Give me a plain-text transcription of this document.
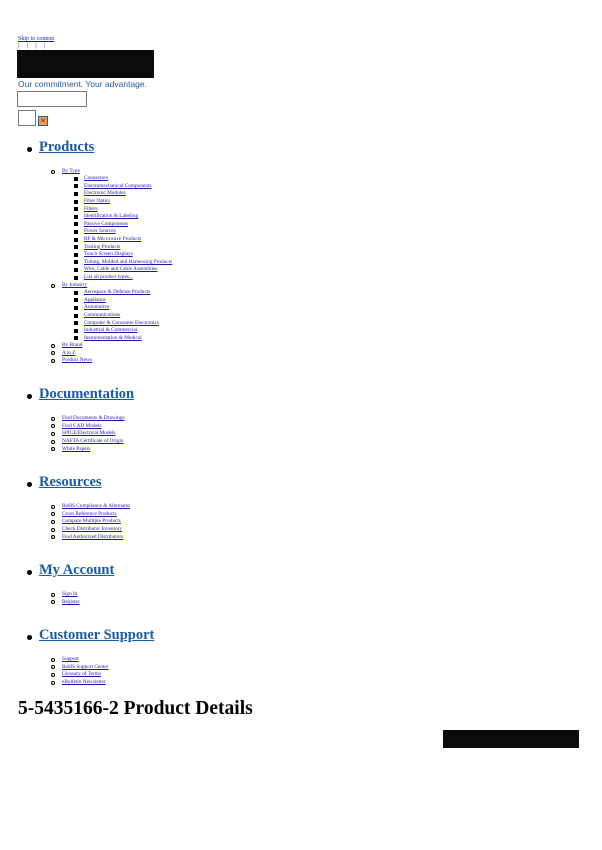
Skip to content
| | | |
Our commitment. Your advantage.
✕
Products
By Type
Connectors
Electromechanical Components
Electronic Modules
Fiber Optics
Filters
Identification & Labeling
Passive Components
Power Sources
RF & Microwave Products
Tooling Products
Touch Screen Displays
Tubing, Molded and Harnessing Products
Wire, Cable and Cable Assemblies
List all product types...
By Industry
Aerospace & Defense Products
Appliance
Automotive
Communications
Computer & Consumer Electronics
Industrial & Commercial
Instrumentation & Medical
By Brand
A to Z
Product News
Documentation
Find Documents & Drawings
Find CAD Models
SPICE/Electrical Models
NAFTA Certificate of Origin
White Papers
Resources
RoHS Compliance & Alternates
Cross Reference Products
Compare Multiple Products
Check Distributor Inventory
Find Authorized Distributors
My Account
Sign In
Register
Customer Support
Support
RoHS Support Center
Glossary of Terms
eBulletin Newsletter
5-5435166-2 Product Details
